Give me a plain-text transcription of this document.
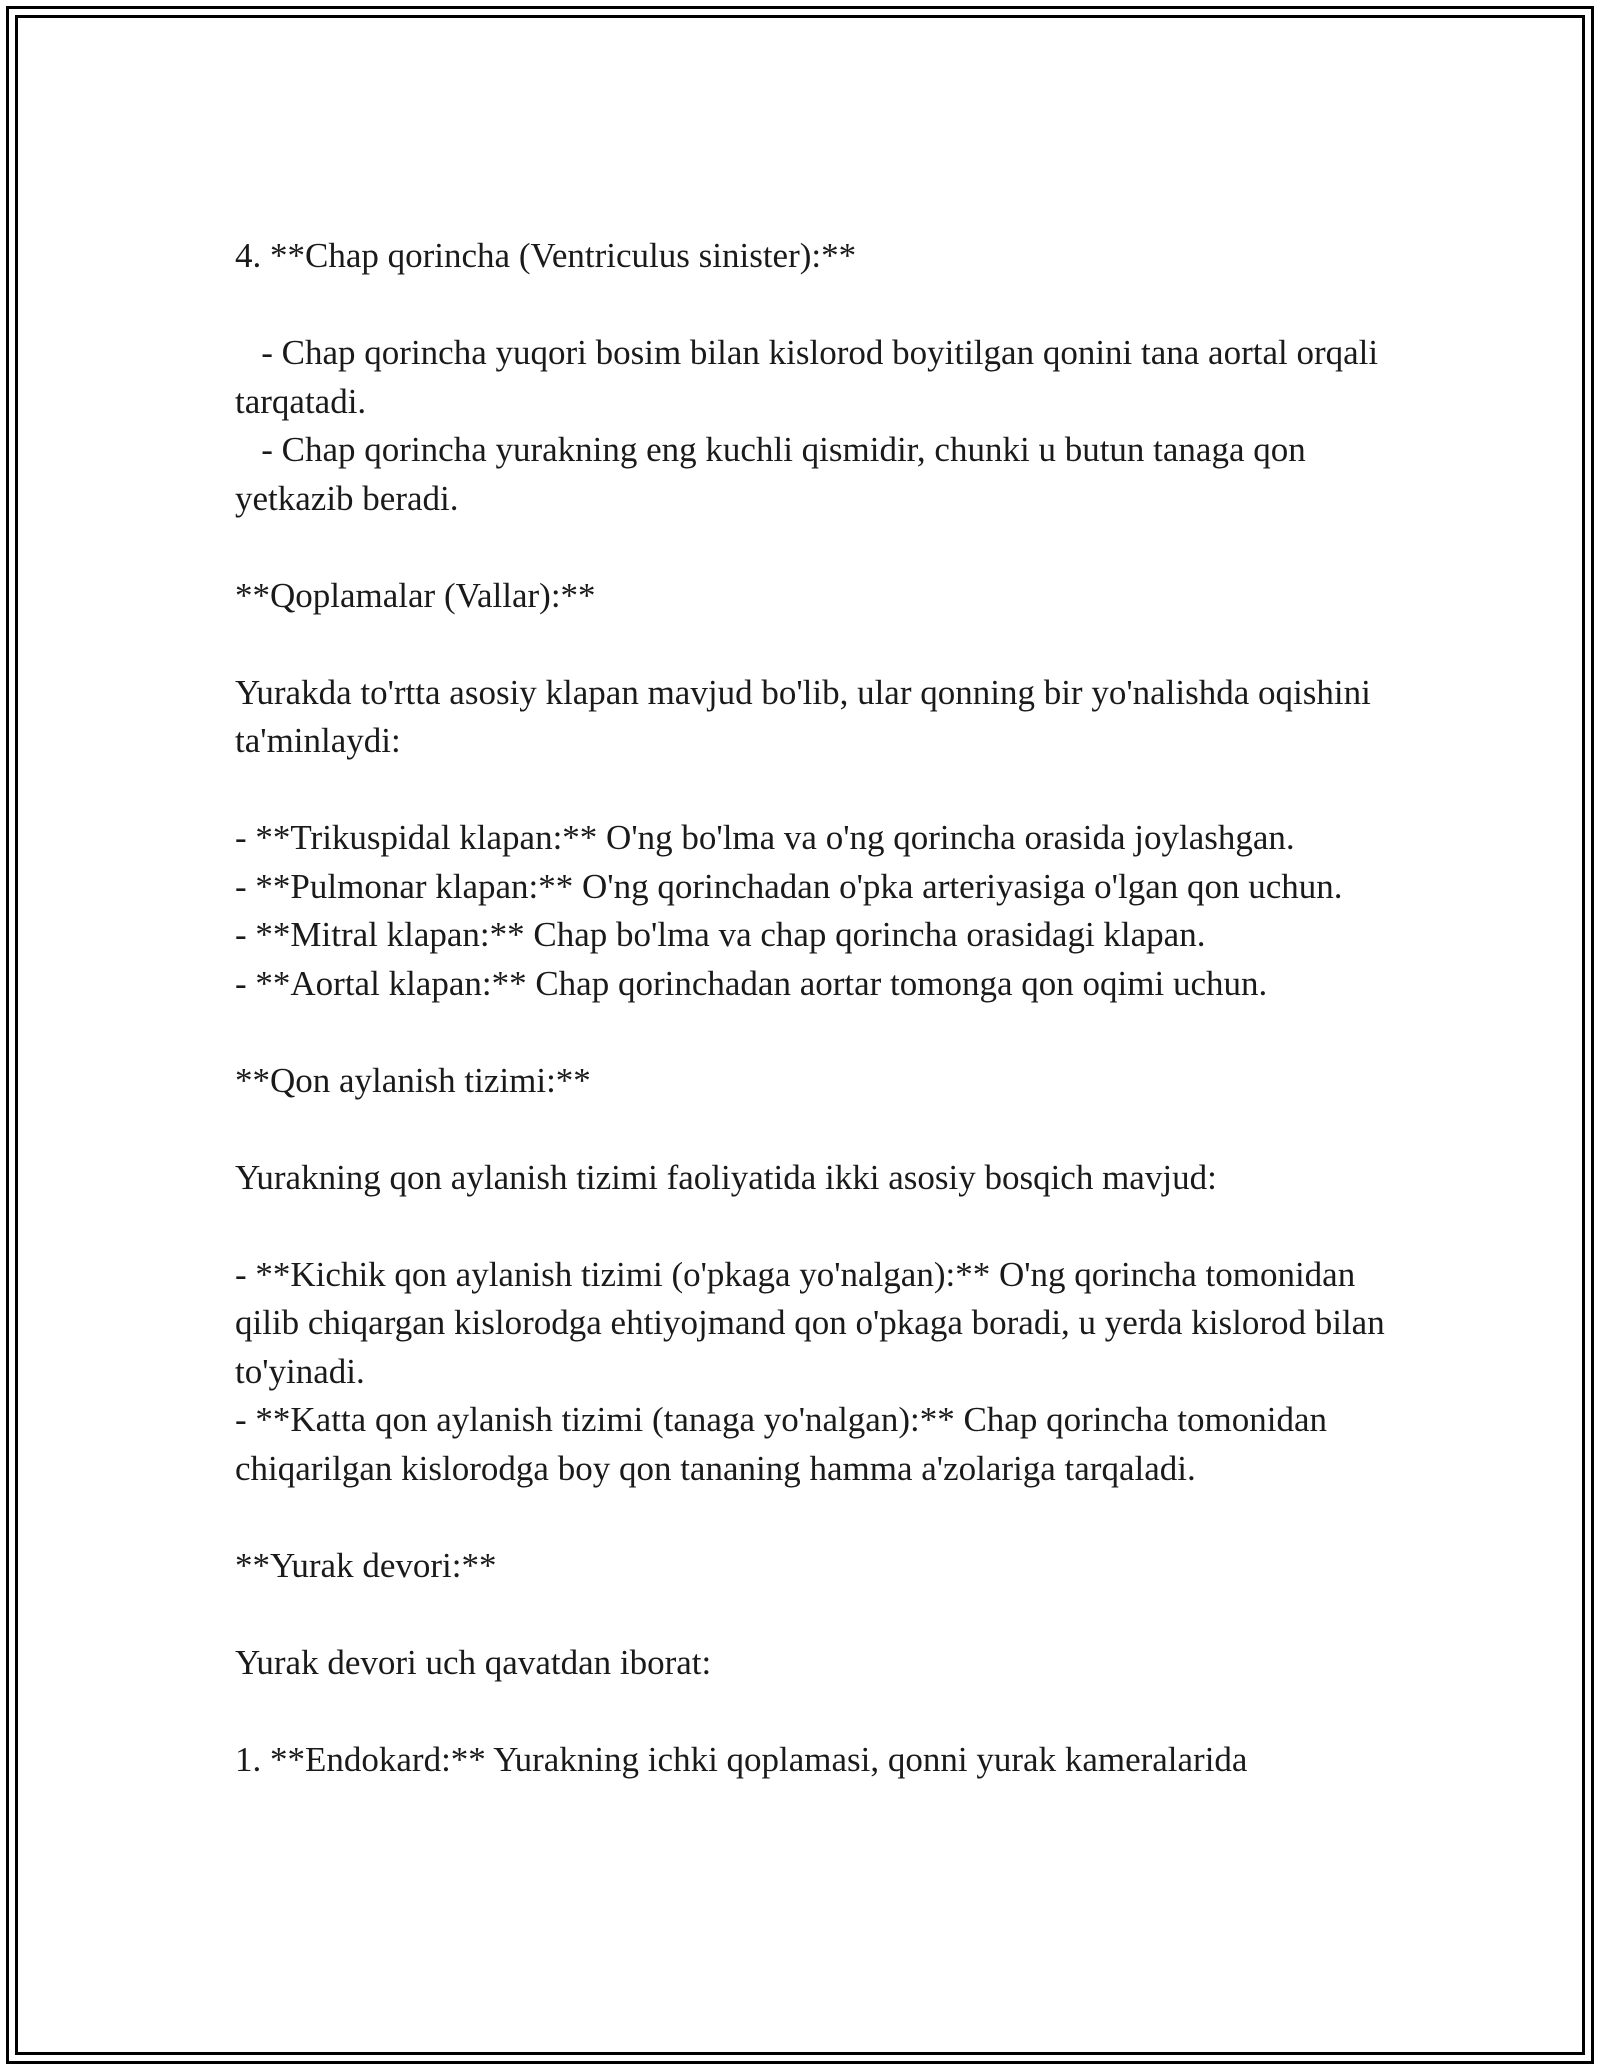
4. **Chap qorincha (Ventriculus sinister):**

- Chap qorincha yuqori bosim bilan kislorod boyitilgan qonini tana aortal orqali tarqatadi.

- Chap qorincha yurakning eng kuchli qismidir, chunki u butun tanaga qon yetkazib beradi.

**Qoplamalar (Vallar):**

Yurakda to'rtta asosiy klapan mavjud bo'lib, ular qonning bir yo'nalishda oqishini ta'minlaydi:

- **Trikuspidal klapan:** O'ng bo'lma va o'ng qorincha orasida joylashgan.

- **Pulmonar klapan:** O'ng qorinchadan o'pka arteriyasiga o'lgan qon uchun.

- **Mitral klapan:** Chap bo'lma va chap qorincha orasidagi klapan.

- **Aortal klapan:** Chap qorinchadan aortar tomonga qon oqimi uchun.

**Qon aylanish tizimi:**

Yurakning qon aylanish tizimi faoliyatida ikki asosiy bosqich mavjud:

- **Kichik qon aylanish tizimi (o'pkaga yo'nalgan):** O'ng qorincha tomonidan qilib chiqargan kislorodga ehtiyojmand qon o'pkaga boradi, u yerda kislorod bilan to'yinadi.

- **Katta qon aylanish tizimi (tanaga yo'nalgan):** Chap qorincha tomonidan chiqarilgan kislorodga boy qon tananing hamma a'zolariga tarqaladi.

**Yurak devori:**

Yurak devori uch qavatdan iborat:

1. **Endokard:** Yurakning ichki qoplamasi, qonni yurak kameralarida
